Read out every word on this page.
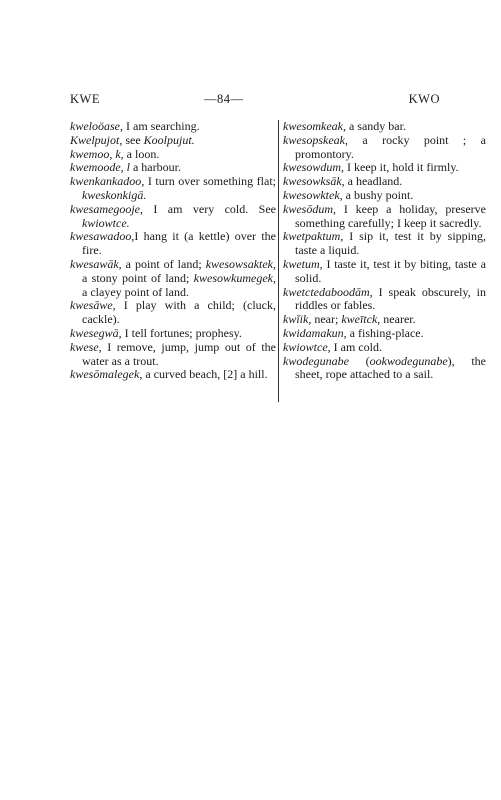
KWE	—84—	KWO
kweloöase, I am searching.
Kwelpujot, see Koolpujut.
kwemoo, k, a loon.
kwemoode, l a harbour.
kwenkankadoo, I turn over something flat; kweskonkigā.
kwesamegooje, I am very cold. See kwiowtce.
kwesawadoo,I hang it (a kettle) over the fire.
kwesawāk, a point of land; kwesowsaktek, a stony point of land; kwesowkumegek, a clayey point of land.
kwesāwe, I play with a child; (cluck, cackle).
kwesegwā, I tell fortunes; prophesy.
kwese, I remove, jump, jump out of the water as a trout.
kwesōmalegek, a curved beach, [2] a hill.
kwesomkeak, a sandy bar.
kwesopskeak, a rocky point ; a promontory.
kwesowdum, I keep it, hold it firmly.
kwesowksāk, a headland.
kwesowktek, a bushy point.
kwesōdum, I keep a holiday, preserve something carefully; I keep it sacredly.
kwetpaktum, I sip it, test it by sipping, taste a liquid.
kwetum, I taste it, test it by biting, taste a solid.
kwetctedaboodām, I speak obscurely, in riddles or fables.
kwĭik, near; kweītck, nearer.
kwidamakun, a fishing-place.
kwiowtce, I am cold.
kwodegunabe (ookwodegunabe), the sheet, rope attached to a sail.
